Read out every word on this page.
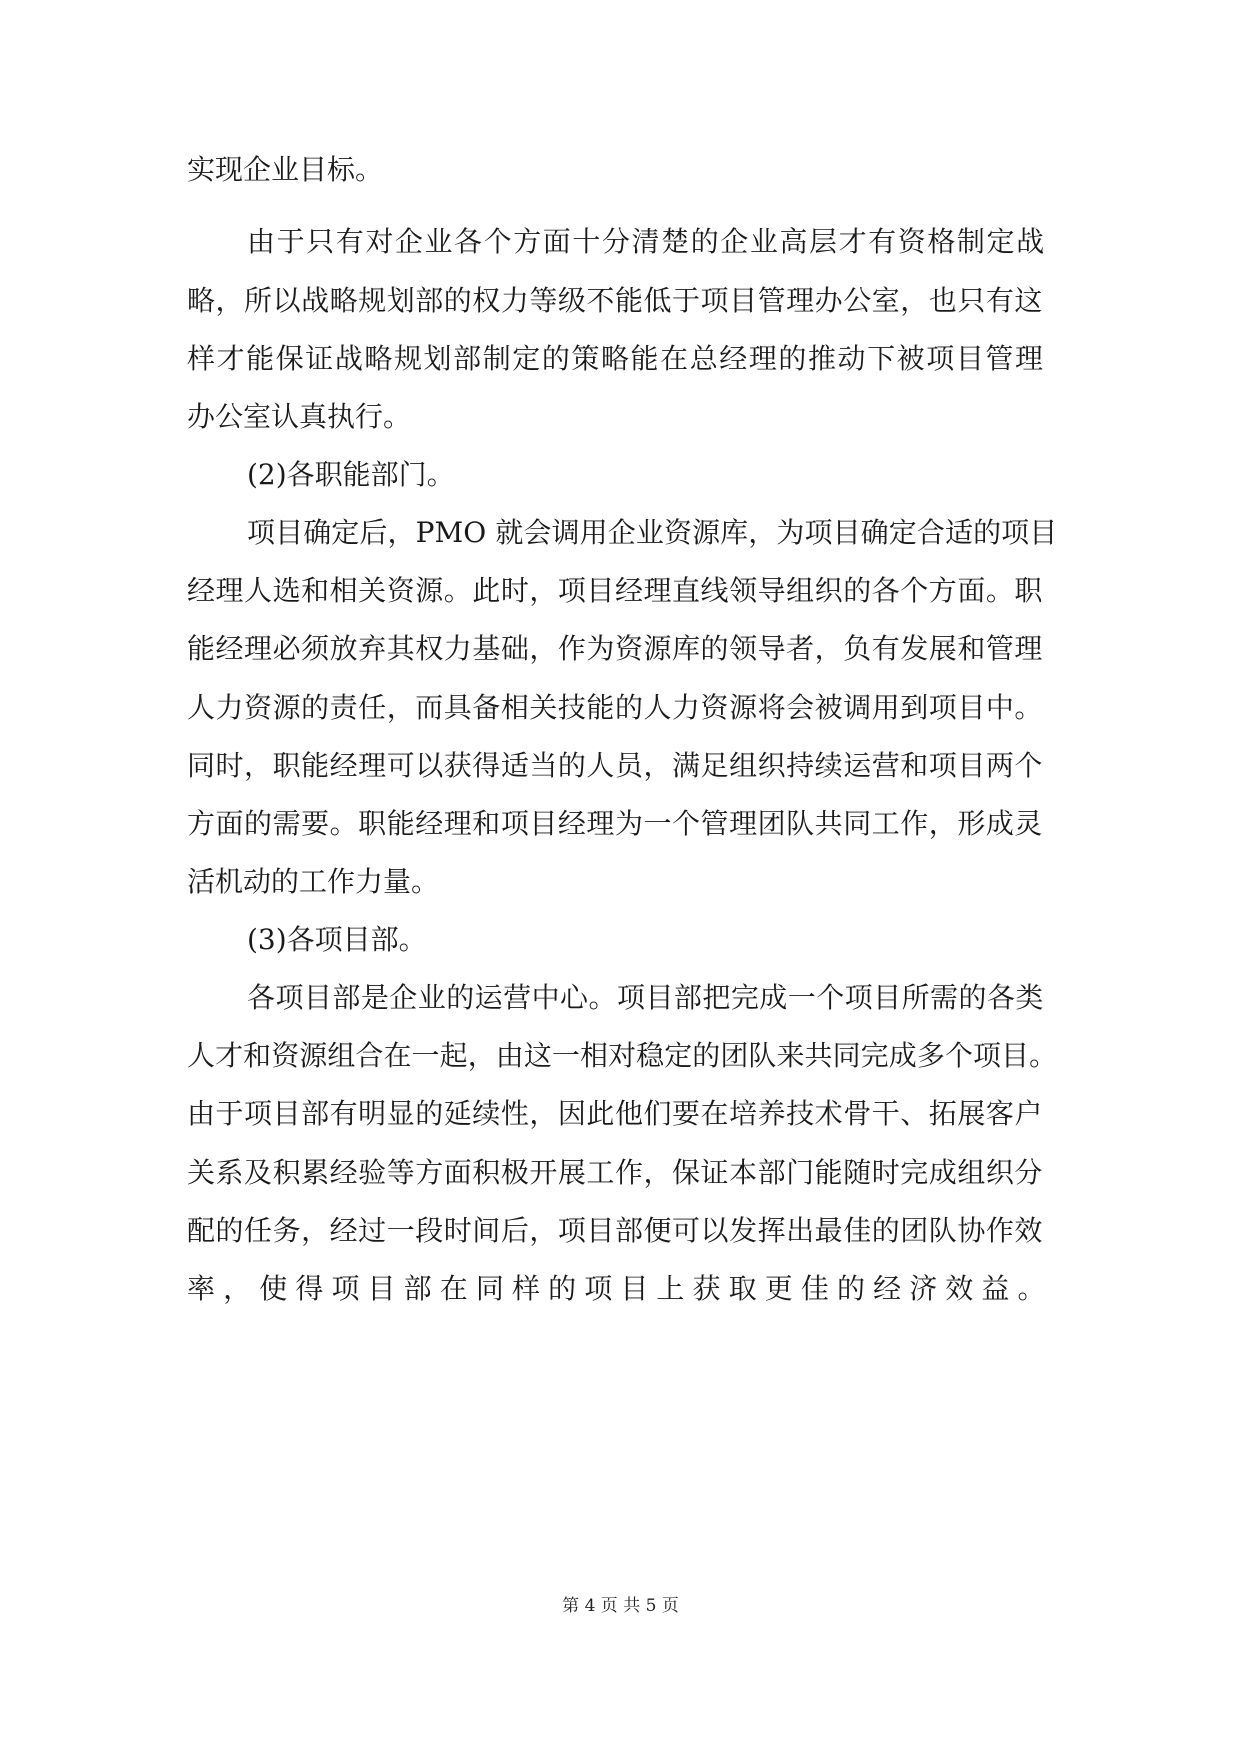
实现企业目标。
由于只有对企业各个方面十分清楚的企业高层才有资格制定战
略，所以战略规划部的权力等级不能低于项目管理办公室，也只有这
样才能保证战略规划部制定的策略能在总经理的推动下被项目管理
办公室认真执行。
(2)各职能部门。
项目确定后，PMO 就会调用企业资源库，为项目确定合适的项目
经理人选和相关资源。此时，项目经理直线领导组织的各个方面。职
能经理必须放弃其权力基础，作为资源库的领导者，负有发展和管理
人力资源的责任，而具备相关技能的人力资源将会被调用到项目中。
同时，职能经理可以获得适当的人员，满足组织持续运营和项目两个
方面的需要。职能经理和项目经理为一个管理团队共同工作，形成灵
活机动的工作力量。
(3)各项目部。
各项目部是企业的运营中心。项目部把完成一个项目所需的各类
人才和资源组合在一起，由这一相对稳定的团队来共同完成多个项目。
由于项目部有明显的延续性，因此他们要在培养技术骨干、拓展客户
关系及积累经验等方面积极开展工作，保证本部门能随时完成组织分
配的任务，经过一段时间后，项目部便可以发挥出最佳的团队协作效
率，使得项目部在同样的项目上获取更佳的经济效益。
第 4 页 共 5 页
